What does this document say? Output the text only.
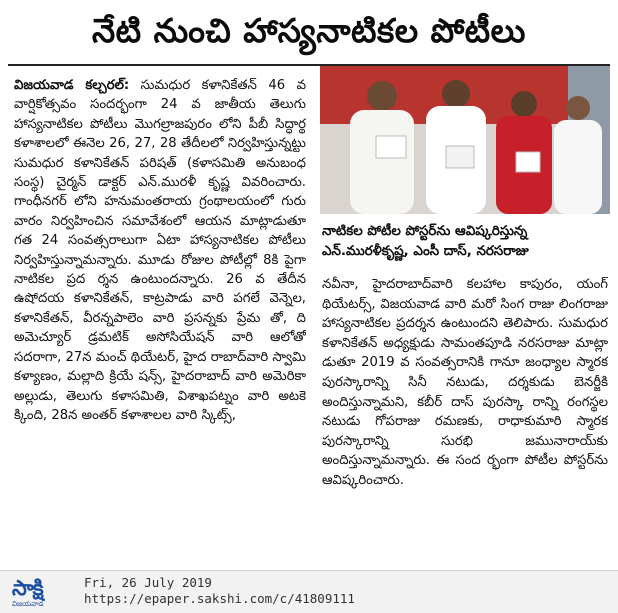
నేటి నుంచి హాస్యనాటికల పోటీలు

విజయవాడ కల్చరల్: సుమధుర కళానికేతన్ 46 వ వార్షికోత్సవం సందర్భంగా 24 వ జాతీయ తెలుగు హాస్యనాటికల పోటీలు మొగల్రాజపురం లోని పీబీ సిద్ధార్థ కళాశాలలో ఈనెల 26, 27, 28 తేదీలలో నిర్వహిస్తున్నట్టు సుమధుర కళానికేతన్ పరిషత్ (కళాసమితి అనుబంధ సంస్థ) చైర్మన్ డాక్టర్ ఎన్.మురళీ కృష్ణ వివరించారు. గాంధీనగర్ లోని హనుమంతరాయ గ్రంథాలయంలో గురు వారం నిర్వహించిన సమావేశంలో ఆయన మాట్లాడుతూ గత 24 సంవత్సరాలుగా ఏటా హాస్యనాటికల పోటీలు నిర్వహిస్తున్నామన్నారు. మూడు రోజుల పోటీల్లో 8కి పైగా నాటికల ప్రద ర్శన ఉంటుందన్నారు. 26 వ తేదీన ఉషోదయ కళానికేతన్, కాట్రపాడు వారి పగలే వెన్నెల, కళానికేతన్, వీరన్నపాలెం వారి ప్రసన్నకు ప్రేమ తో, ది అమెచ్యూర్ డ్రమటిక్ అసోసియేషన్ వారి ఆలోతో సదరాగా, 27న మంచ్ థియేటర్, హైద రాబాద్‌వారి స్వామి కళ్యాణం, మల్లాది క్రియే షన్స్, హైదరాబాద్ వారి అమెరికా అల్లుడు, తెలుగు కళాసమితి, విశాఖపట్నం వారి అటకె క్కింది, 28న అంతర్ కళాశాలల వారి స్కిట్స్,

నాటికల పోటీల పోస్టర్‌ను ఆవిష్కరిస్తున్న
ఎన్.మురళీకృష్ణ, ఎంసీ దాస్, నరసరాజు

నవీనా, హైదరాబాద్‌వారి కలహాల కాపురం, యంగ్ థియేటర్స్, విజయవాడ వారి మరో సింగ రాజు లింగరాజు హాస్యనాటికల ప్రదర్శన ఉంటుందని తెలిపారు. సుమధుర కళానికేతన్ అధ్యక్షుడు సామంతపూడి నరసరాజు మాట్లా డుతూ 2019 వ సంవత్సరానికి గానూ జంధ్యాల స్మారక పురస్కారాన్ని సినీ నటుడు, దర్శకుడు బెనర్జీకి అందిస్తున్నామని, కబీర్ దాస్ పురస్కా రాన్ని రంగస్థల నటుడు గోపరాజు రమణకు, రాధాకుమారి స్మారక పురస్కారాన్ని సురభి జమునారాయ్‌కు అందిస్తున్నామన్నారు. ఈ సంద ర్భంగా పోటీల పోస్టర్‌ను ఆవిష్కరించారు.

సాక్షి
విజయవాడ
Fri, 26 July 2019
https://epaper.sakshi.com/c/41809111
